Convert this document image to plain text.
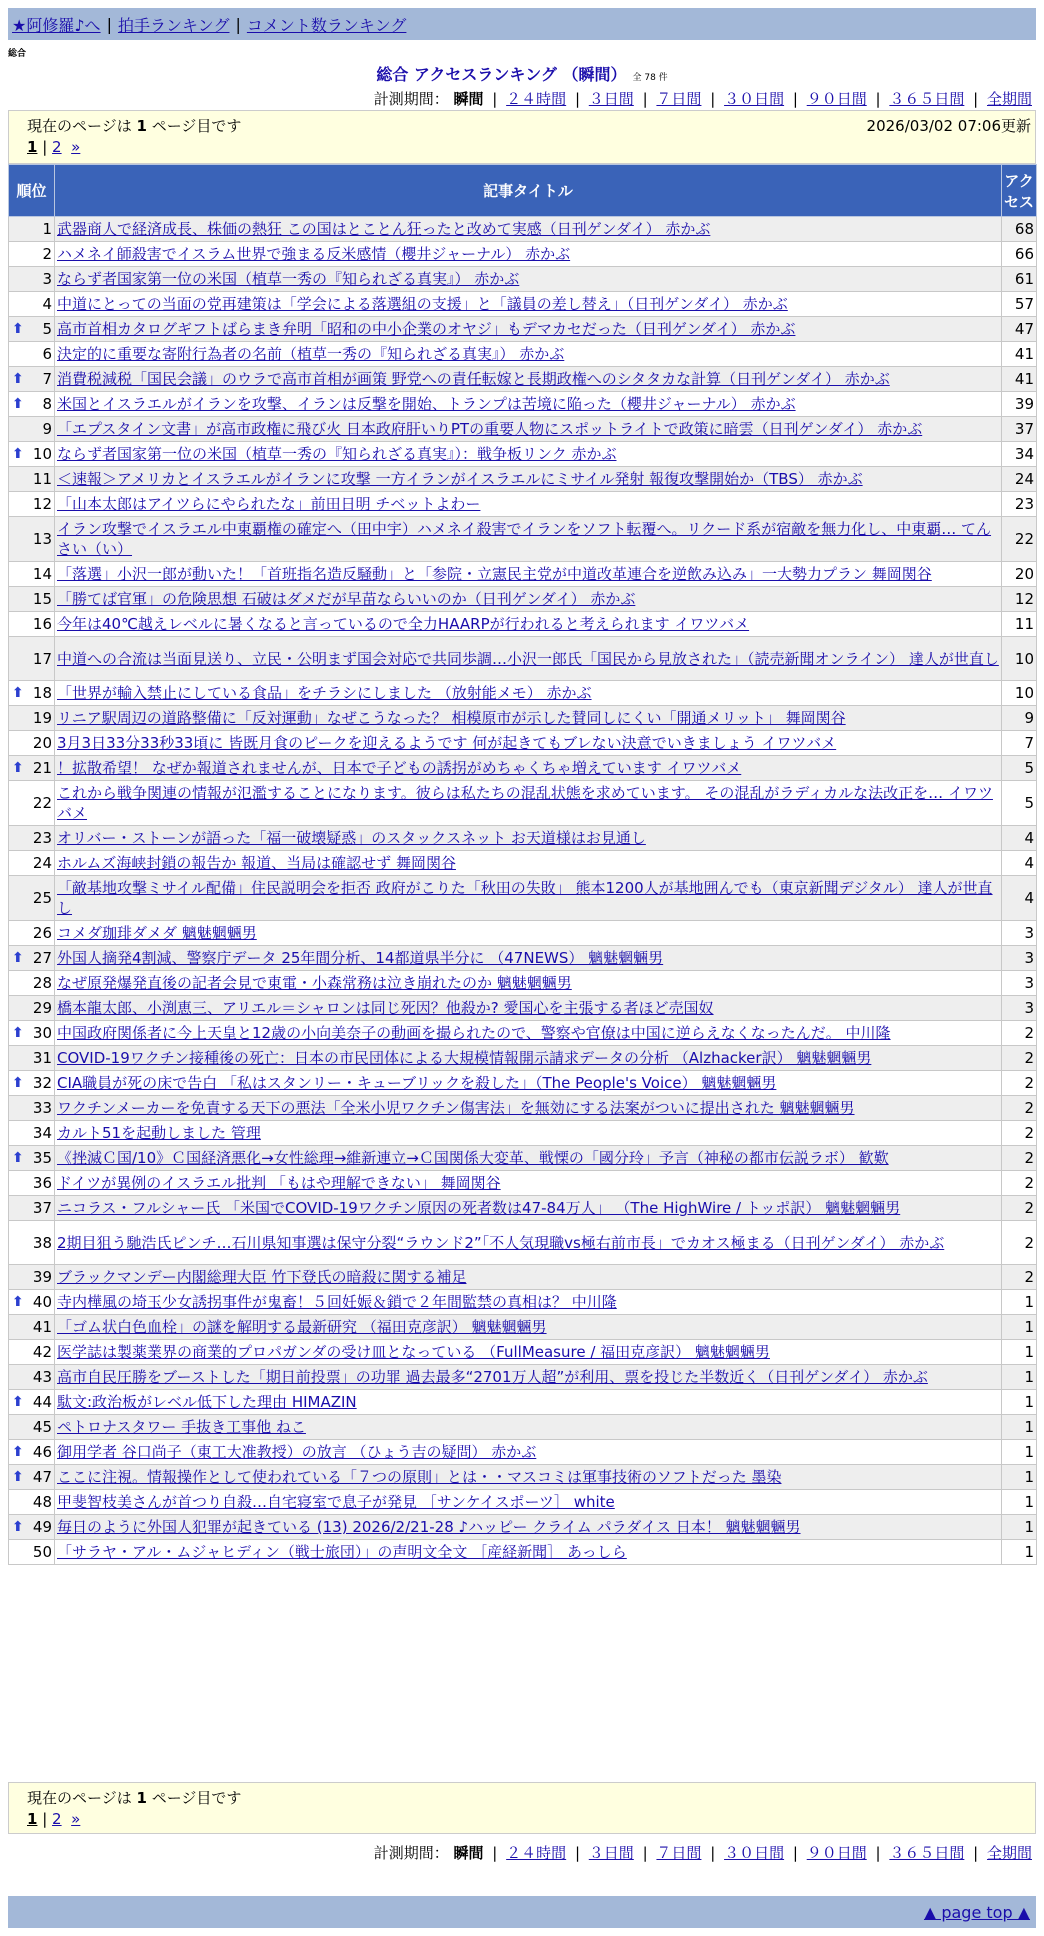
★阿修羅♪へ | 拍手ランキング | コメント数ランキング
総合
総合 アクセスランキング （瞬間） 全 78 件
計測期間： 瞬間 | ２４時間 | ３日間 | ７日間 | ３０日間 | ９０日間 | ３６５日間 | 全期間
現在のページは 1 ページ目です	2026/03/02 07:06更新
1 | 2 »
順位	記事タイトル	アクセス
1	武器商人で経済成長、株価の熱狂 この国はとことん狂ったと改めて実感（日刊ゲンダイ） 赤かぶ	68
2	ハメネイ師殺害でイスラム世界で強まる反米感情（櫻井ジャーナル） 赤かぶ	66
3	ならず者国家第一位の米国（植草一秀の『知られざる真実』） 赤かぶ	61
4	中道にとっての当面の党再建策は「学会による落選組の支援」と「議員の差し替え」（日刊ゲンダイ） 赤かぶ	57

⬆ 5	高市首相カタログギフトばらまき弁明「昭和の中小企業のオヤジ」もデマカセだった（日刊ゲンダイ） 赤かぶ	47
6	決定的に重要な寄附行為者の名前（植草一秀の『知られざる真実』） 赤かぶ	41

⬆ 7	消費税減税「国民会議」のウラで高市首相が画策 野党への責任転嫁と長期政権へのシタタカな計算（日刊ゲンダイ） 赤かぶ	41

⬆ 8	米国とイスラエルがイランを攻撃、イランは反撃を開始、トランプは苦境に陥った（櫻井ジャーナル） 赤かぶ	39
9	「エプスタイン文書」が高市政権に飛び火 日本政府肝いりPTの重要人物にスポットライトで政策に暗雲（日刊ゲンダイ） 赤かぶ	37

⬆ 10	ならず者国家第一位の米国（植草一秀の『知られざる真実』）：戦争板リンク 赤かぶ	34
11	＜速報＞アメリカとイスラエルがイランに攻撃 一方イランがイスラエルにミサイル発射 報復攻撃開始か（TBS） 赤かぶ	24
12	「山本太郎はアイツらにやられたな」前田日明 チベットよわー	23
13	イラン攻撃でイスラエル中東覇権の確定へ（田中宇）ハメネイ殺害でイランをソフト転覆へ。リクード系が宿敵を無力化し、中東覇… てんさい（い）	22
14	「落選」小沢一郎が動いた！「首班指名造反騒動」と「参院・立憲民主党が中道改革連合を逆飲み込み」一大勢力プラン 舞岡関谷	20
15	「勝てば官軍」の危険思想 石破はダメだが早苗ならいいのか（日刊ゲンダイ） 赤かぶ	12
16	今年は40℃越えレベルに暑くなると言っているので全力HAARPが行われると考えられます イワツバメ	11
17	中道への合流は当面見送り、立民・公明まず国会対応で共同歩調…小沢一郎氏「国民から見放された」（読売新聞オンライン） 達人が世直し	10

⬆ 18	「世界が輸入禁止にしている食品」をチラシにしました （放射能メモ） 赤かぶ	10
19	リニア駅周辺の道路整備に「反対運動」なぜこうなった？ 相模原市が示した賛同しにくい「開通メリット」 舞岡関谷	9
20	3月3日33分33秒33頃に 皆既月食のピークを迎えるようです 何が起きてもブレない決意でいきましょう イワツバメ	7

⬆ 21	！拡散希望！ なぜか報道されませんが、日本で子どもの誘拐がめちゃくちゃ増えています イワツバメ	5
22	これから戦争関連の情報が氾濫することになります。彼らは私たちの混乱状態を求めています。 その混乱がラディカルな法改正を… イワツバメ	5
23	オリバー・ストーンが語った「福一破壊疑惑」のスタックスネット お天道様はお見通し	4
24	ホルムズ海峡封鎖の報告か 報道、当局は確認せず 舞岡関谷	4
25	「敵基地攻撃ミサイル配備」住民説明会を拒否 政府がこりた「秋田の失敗」 熊本1200人が基地囲んでも（東京新聞デジタル） 達人が世直し	4
26	コメダ珈琲ダメダ 魑魅魍魎男	3

⬆ 27	外国人摘発4割減、警察庁データ 25年間分析、14都道県半分に （47NEWS） 魑魅魍魎男	3
28	なぜ原発爆発直後の記者会見で東電・小森常務は泣き崩れたのか 魑魅魍魎男	3
29	橋本龍太郎、小渕恵三、アリエル＝シャロンは同じ死因？他殺か? 愛国心を主張する者ほど売国奴	3

⬆ 30	中国政府関係者に今上天皇と12歳の小向美奈子の動画を撮られたので、警察や官僚は中国に逆らえなくなったんだ。 中川隆	2
31	COVID-19ワクチン接種後の死亡：日本の市民団体による大規模情報開示請求データの分析 （Alzhacker訳） 魑魅魍魎男	2

⬆ 32	CIA職員が死の床で告白 「私はスタンリー・キューブリックを殺した」（The People's Voice） 魑魅魍魎男	2
33	ワクチンメーカーを免責する天下の悪法「全米小児ワクチン傷害法」を無効にする法案がついに提出された 魑魅魍魎男	2
34	カルト51を起動しました 管理	2

⬆ 35	《挫滅Ｃ国/10》Ｃ国経済悪化→女性総理→維新連立→Ｃ国関係大変革、戦慄の「國分玲」予言（神秘の都市伝説ラボ） 歓歎	2
36	ドイツが異例のイスラエル批判 「もはや理解できない」 舞岡関谷	2
37	ニコラス・フルシャー氏 「米国でCOVID-19ワクチン原因の死者数は47-84万人」 （The HighWire / トッポ訳） 魑魅魍魎男	2
38	2期目狙う馳浩氏ピンチ…石川県知事選は保守分裂“ラウンド2”「不人気現職vs極右前市長」でカオス極まる（日刊ゲンダイ） 赤かぶ	2
39	ブラックマンデー内閣総理大臣 竹下登氏の暗殺に関する補足	2

⬆ 40	寺内樺風の埼玉少女誘拐事件が鬼畜！５回妊娠＆鎖で２年間監禁の真相は？ 中川隆	1
41	「ゴム状白色血栓」の謎を解明する最新研究 （福田克彦訳） 魑魅魍魎男	1
42	医学誌は製薬業界の商業的プロパガンダの受け皿となっている （FullMeasure / 福田克彦訳） 魑魅魍魎男	1
43	高市自民圧勝をブーストした「期日前投票」の功罪 過去最多“2701万人超”が利用、票を投じた半数近く（日刊ゲンダイ） 赤かぶ	1

⬆ 44	駄文:政治板がレベル低下した理由 HIMAZIN	1
45	ペトロナスタワー 手抜き工事他 ねこ	1

⬆ 46	御用学者 谷口尚子（東工大准教授）の放言 （ひょう吉の疑問） 赤かぶ	1

⬆ 47	ここに注視。情報操作として使われている「７つの原則」とは・・マスコミは軍事技術のソフトだった 墨染	1
48	甲斐智枝美さんが首つり自殺…自宅寝室で息子が発見 ［サンケイスポーツ］ white	1

⬆ 49	毎日のように外国人犯罪が起きている (13) 2026/2/21-28 ♪ハッピー クライム パラダイス 日本！ 魑魅魍魎男	1
50	「サラヤ・アル・ムジャヒディン（戦士旅団）」の声明文全文 ［産経新聞］ あっしら	1
現在のページは 1 ページ目です
1 | 2 »
計測期間： 瞬間 | ２４時間 | ３日間 | ７日間 | ３０日間 | ９０日間 | ３６５日間 | 全期間
▲ page top ▲
